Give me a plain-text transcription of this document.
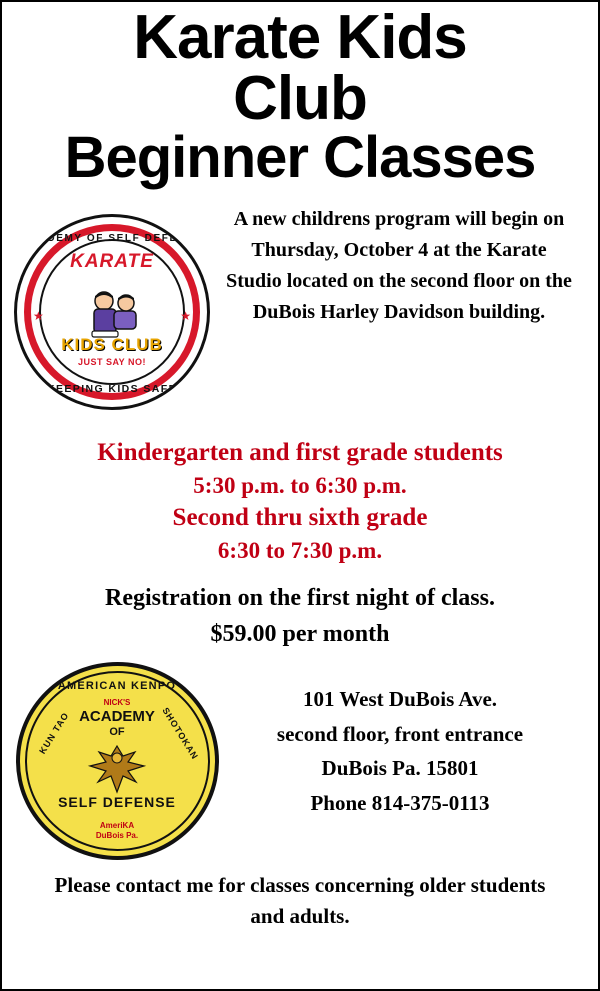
Karate Kids
Club
Beginner Classes
ACADEMY OF SELF DEFENSE
KARATE
KIDS CLUB
JUST SAY NO!
KEEPING KIDS SAFE
★	★
A new childrens program will begin on Thursday, October 4 at the Karate Studio located on the second floor on the DuBois Harley Davidson building.
Kindergarten and first grade students
5:30 p.m. to 6:30 p.m.
Second thru sixth grade
6:30 to 7:30 p.m.
Registration on the first night of class.
$59.00 per month
AMERICAN KENPO
NICK'S
ACADEMY
OF
SELF DEFENSE
KUN TAO	SHOTOKAN
AmeriKA
DuBois Pa.
101 West DuBois Ave.
second floor, front entrance
DuBois Pa. 15801
Phone 814-375-0113
Please contact me for classes concerning older students and adults.
